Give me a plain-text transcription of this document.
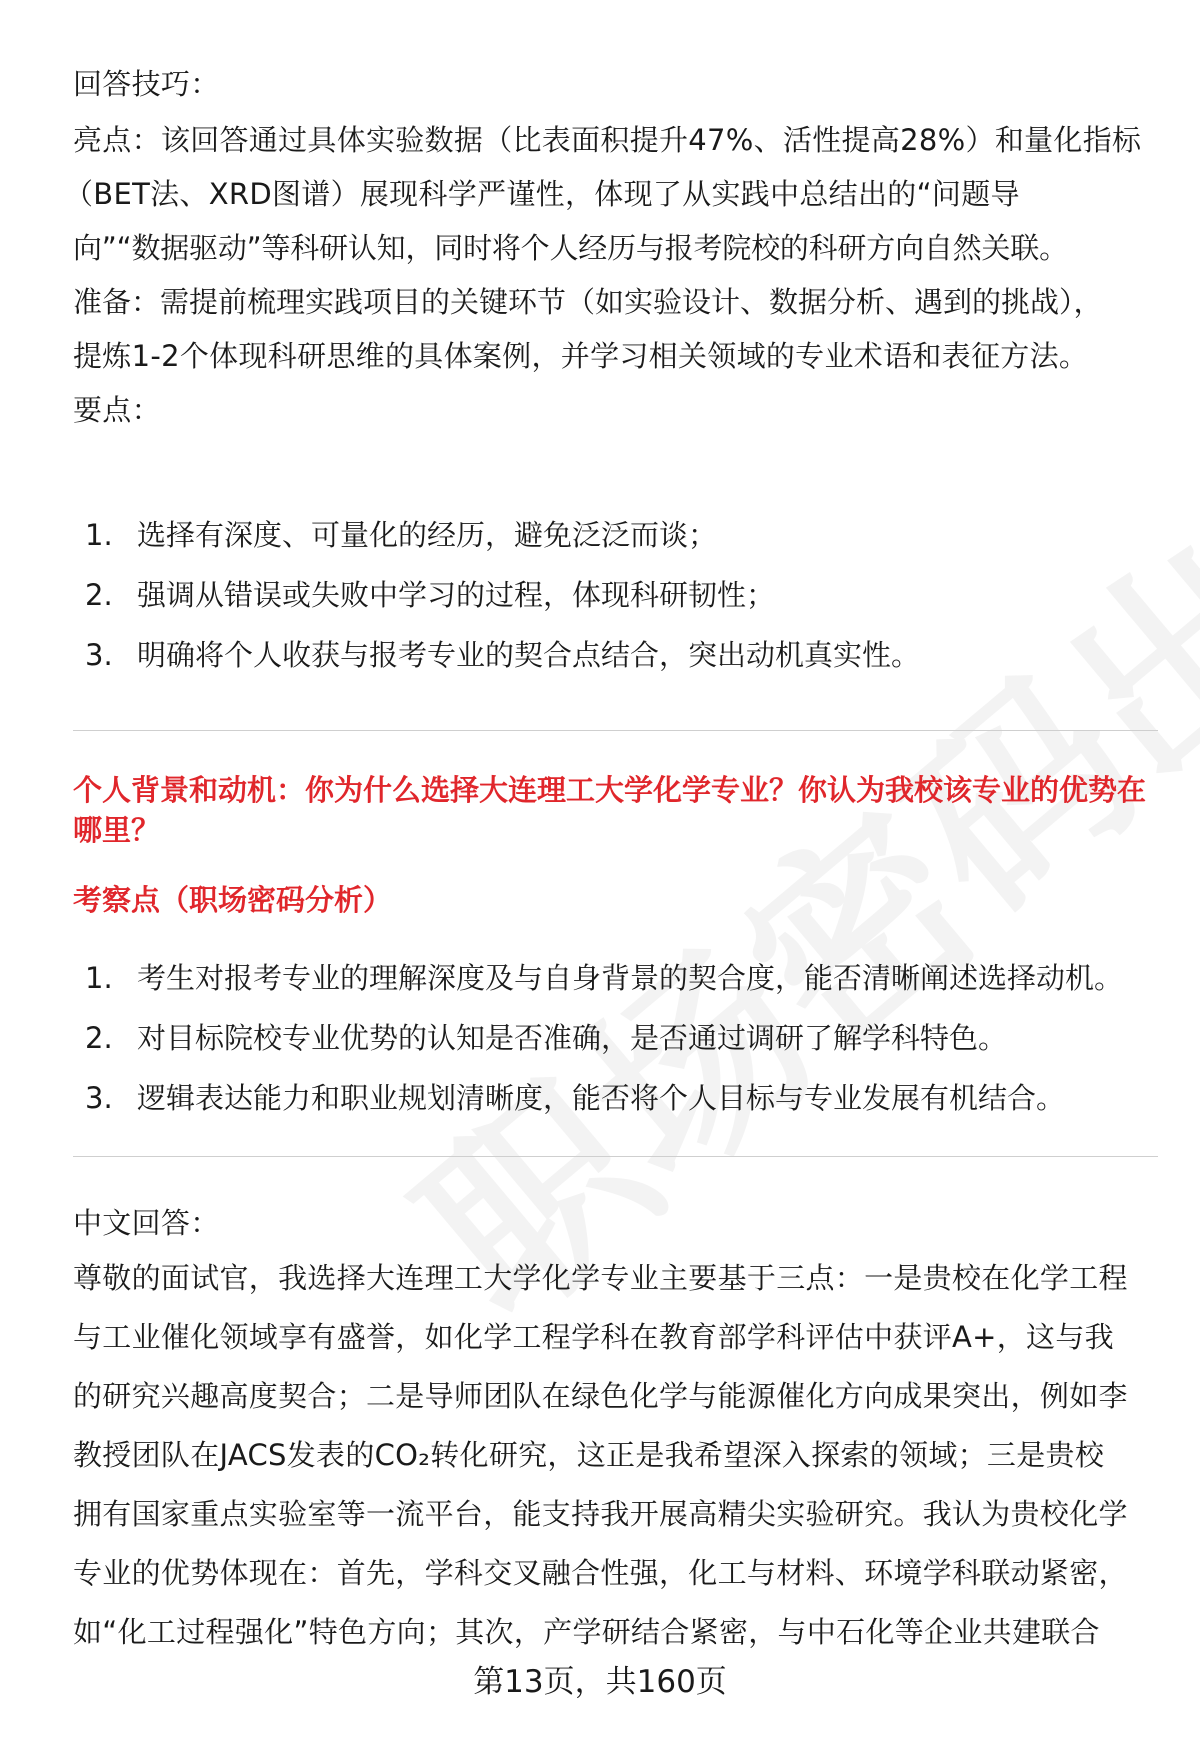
回答技巧：
亮点：该回答通过具体实验数据（比表面积提升47%、活性提高28%）和量化指标
（BET法、XRD图谱）展现科学严谨性，体现了从实践中总结出的“问题导
向”“数据驱动”等科研认知，同时将个人经历与报考院校的科研方向自然关联。
准备：需提前梳理实践项目的关键环节（如实验设计、数据分析、遇到的挑战），
提炼1-2个体现科研思维的具体案例，并学习相关领域的专业术语和表征方法。
要点：
1. 选择有深度、可量化的经历，避免泛泛而谈；
2. 强调从错误或失败中学习的过程，体现科研韧性；
3. 明确将个人收获与报考专业的契合点结合，突出动机真实性。
个人背景和动机：你为什么选择大连理工大学化学专业？你认为我校该专业的优势在哪里？
考察点（职场密码分析）
1. 考生对报考专业的理解深度及与自身背景的契合度，能否清晰阐述选择动机。
2. 对目标院校专业优势的认知是否准确，是否通过调研了解学科特色。
3. 逻辑表达能力和职业规划清晰度，能否将个人目标与专业发展有机结合。
中文回答：
尊敬的面试官，我选择大连理工大学化学专业主要基于三点：一是贵校在化学工程
与工业催化领域享有盛誉，如化学工程学科在教育部学科评估中获评A+，这与我
的研究兴趣高度契合；二是导师团队在绿色化学与能源催化方向成果突出，例如李
教授团队在JACS发表的CO₂转化研究，这正是我希望深入探索的领域；三是贵校
拥有国家重点实验室等一流平台，能支持我开展高精尖实验研究。我认为贵校化学
专业的优势体现在：首先，学科交叉融合性强，化工与材料、环境学科联动紧密，
如“化工过程强化”特色方向；其次，产学研结合紧密，与中石化等企业共建联合
第13页，共160页
